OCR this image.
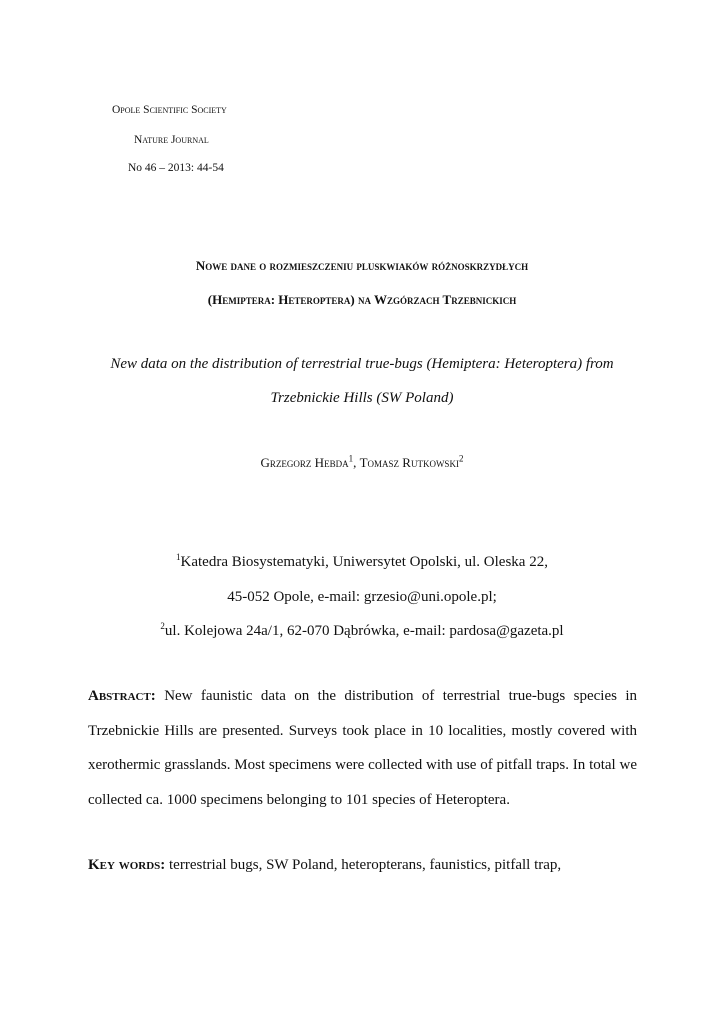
Opole Scientific Society

Nature Journal

No 46 – 2013: 44-54

Nowe dane o rozmieszczeniu pluskwiaków różnoskrzydłych

(Hemiptera: Heteroptera) na Wzgórzach Trzebnickich

New data on the distribution of terrestrial true-bugs (Hemiptera: Heteroptera) from

Trzebnickie Hills (SW Poland)

Grzegorz Hebda$^1$, Tomasz Rutkowski$^2$

$^1$Katedra Biosystematyki, Uniwersytet Opolski, ul. Oleska 22,

45-052 Opole, e-mail: grzesio@uni.opole.pl;

$^2$ul. Kolejowa 24a/1, 62-070 Dąbrówka, e-mail: pardosa@gazeta.pl

Abstract: New faunistic data on the distribution of terrestrial true-bugs species in

Trzebnickie Hills are presented. Surveys took place in 10 localities, mostly covered with

xerothermic grasslands. Most specimens were collected with use of pitfall traps. In total we

collected ca. 1000 specimens belonging to 101 species of Heteroptera.

Key words: terrestrial bugs, SW Poland, heteropterans, faunistics, pitfall trap,
